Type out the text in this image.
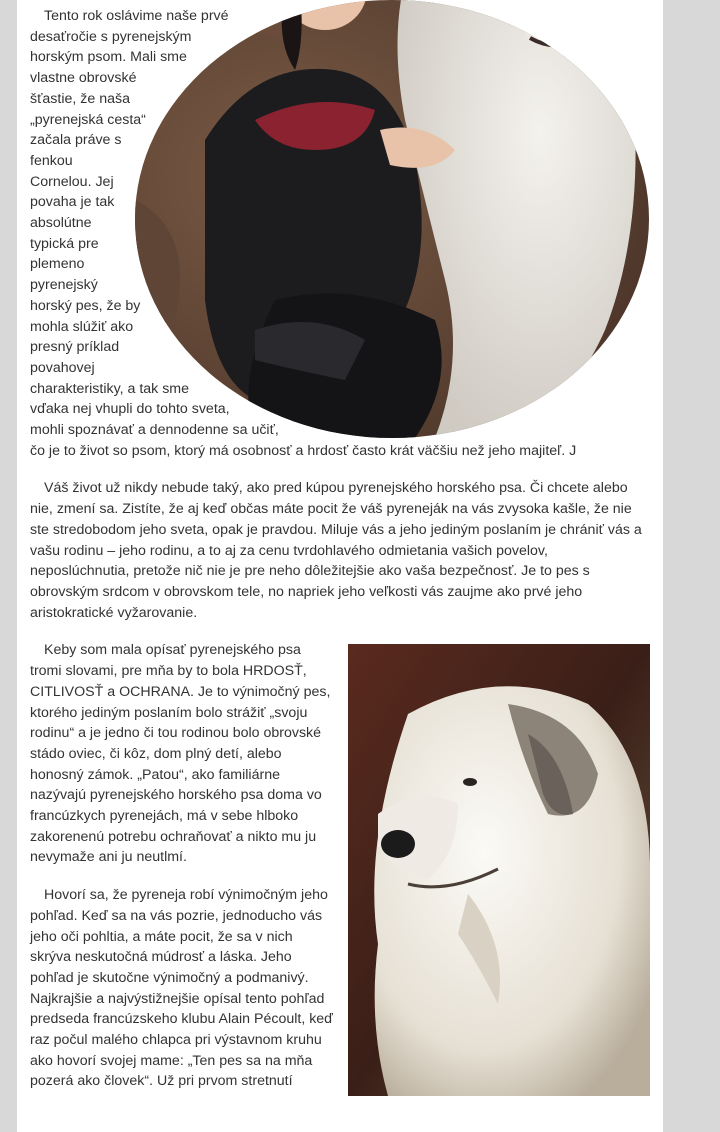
Tento rok oslávime naše prvé desaťročie s pyrenejským horským psom. Mali sme vlastne obrovské šťastie, že naša „pyrenejská cesta“ začala práve s fenkou Cornelou. Jej povaha je tak absolútne typická pre plemeno pyrenejský horský pes, že by mohla slúžiť ako presný príklad povahovej charakteristiky, a tak sme vďaka nej vhupli do tohto sveta, mohli spoznávať a dennodenne sa učiť, čo je to život so psom, ktorý má osobnosť a hrdosť často krát väčšiu než jeho majiteľ. J

Váš život už nikdy nebude taký, ako pred kúpou pyrenejského horského psa. Či chcete alebo nie, zmení sa. Zistíte, že aj keď občas máte pocit že váš pyreneják na vás zvysoka kašle, že nie ste stredobodom jeho sveta, opak je pravdou. Miluje vás a jeho jediným poslaním je chrániť vás a vašu rodinu – jeho rodinu, a to aj za cenu tvrdohlavého odmietania vašich povelov, neposlúchnutia, pretože nič nie je pre neho dôležitejšie ako vaša bezpečnosť. Je to pes s obrovským srdcom v obrovskom tele, no napriek jeho veľkosti vás zaujme ako prvé jeho aristokratické vyžarovanie.

Keby som mala opísať pyrenejského psa tromi slovami, pre mňa by to bola HRDOSŤ, CITLIVOSŤ a OCHRANA. Je to výnimočný pes, ktorého jediným poslaním bolo strážiť „svoju rodinu“ a je jedno či tou rodinou bolo obrovské stádo oviec, či kôz, dom plný detí, alebo honosný zámok. „Patou“, ako familiárne nazývajú pyrenejského horského psa doma vo francúzkych pyrenejách, má v sebe hlboko zakorenenú potrebu ochraňovať a nikto mu ju nevymaže ani ju neutlmí.

Hovorí sa, že pyreneja robí výnimočným jeho pohľad. Keď sa na vás pozrie, jednoducho vás jeho oči pohltia, a máte pocit, že sa v nich skrýva neskutočná múdrosť a láska. Jeho pohľad je skutočne výnimočný a podmanivý. Najkrajšie a najvýstižnejšie opísal tento pohľad predseda francúzskeho klubu Alain Pécoult, keď raz počul malého chlapca pri výstavnom kruhu ako hovorí svojej mame: „Ten pes sa na mňa pozerá ako človek“. Už pri prvom stretnutí
